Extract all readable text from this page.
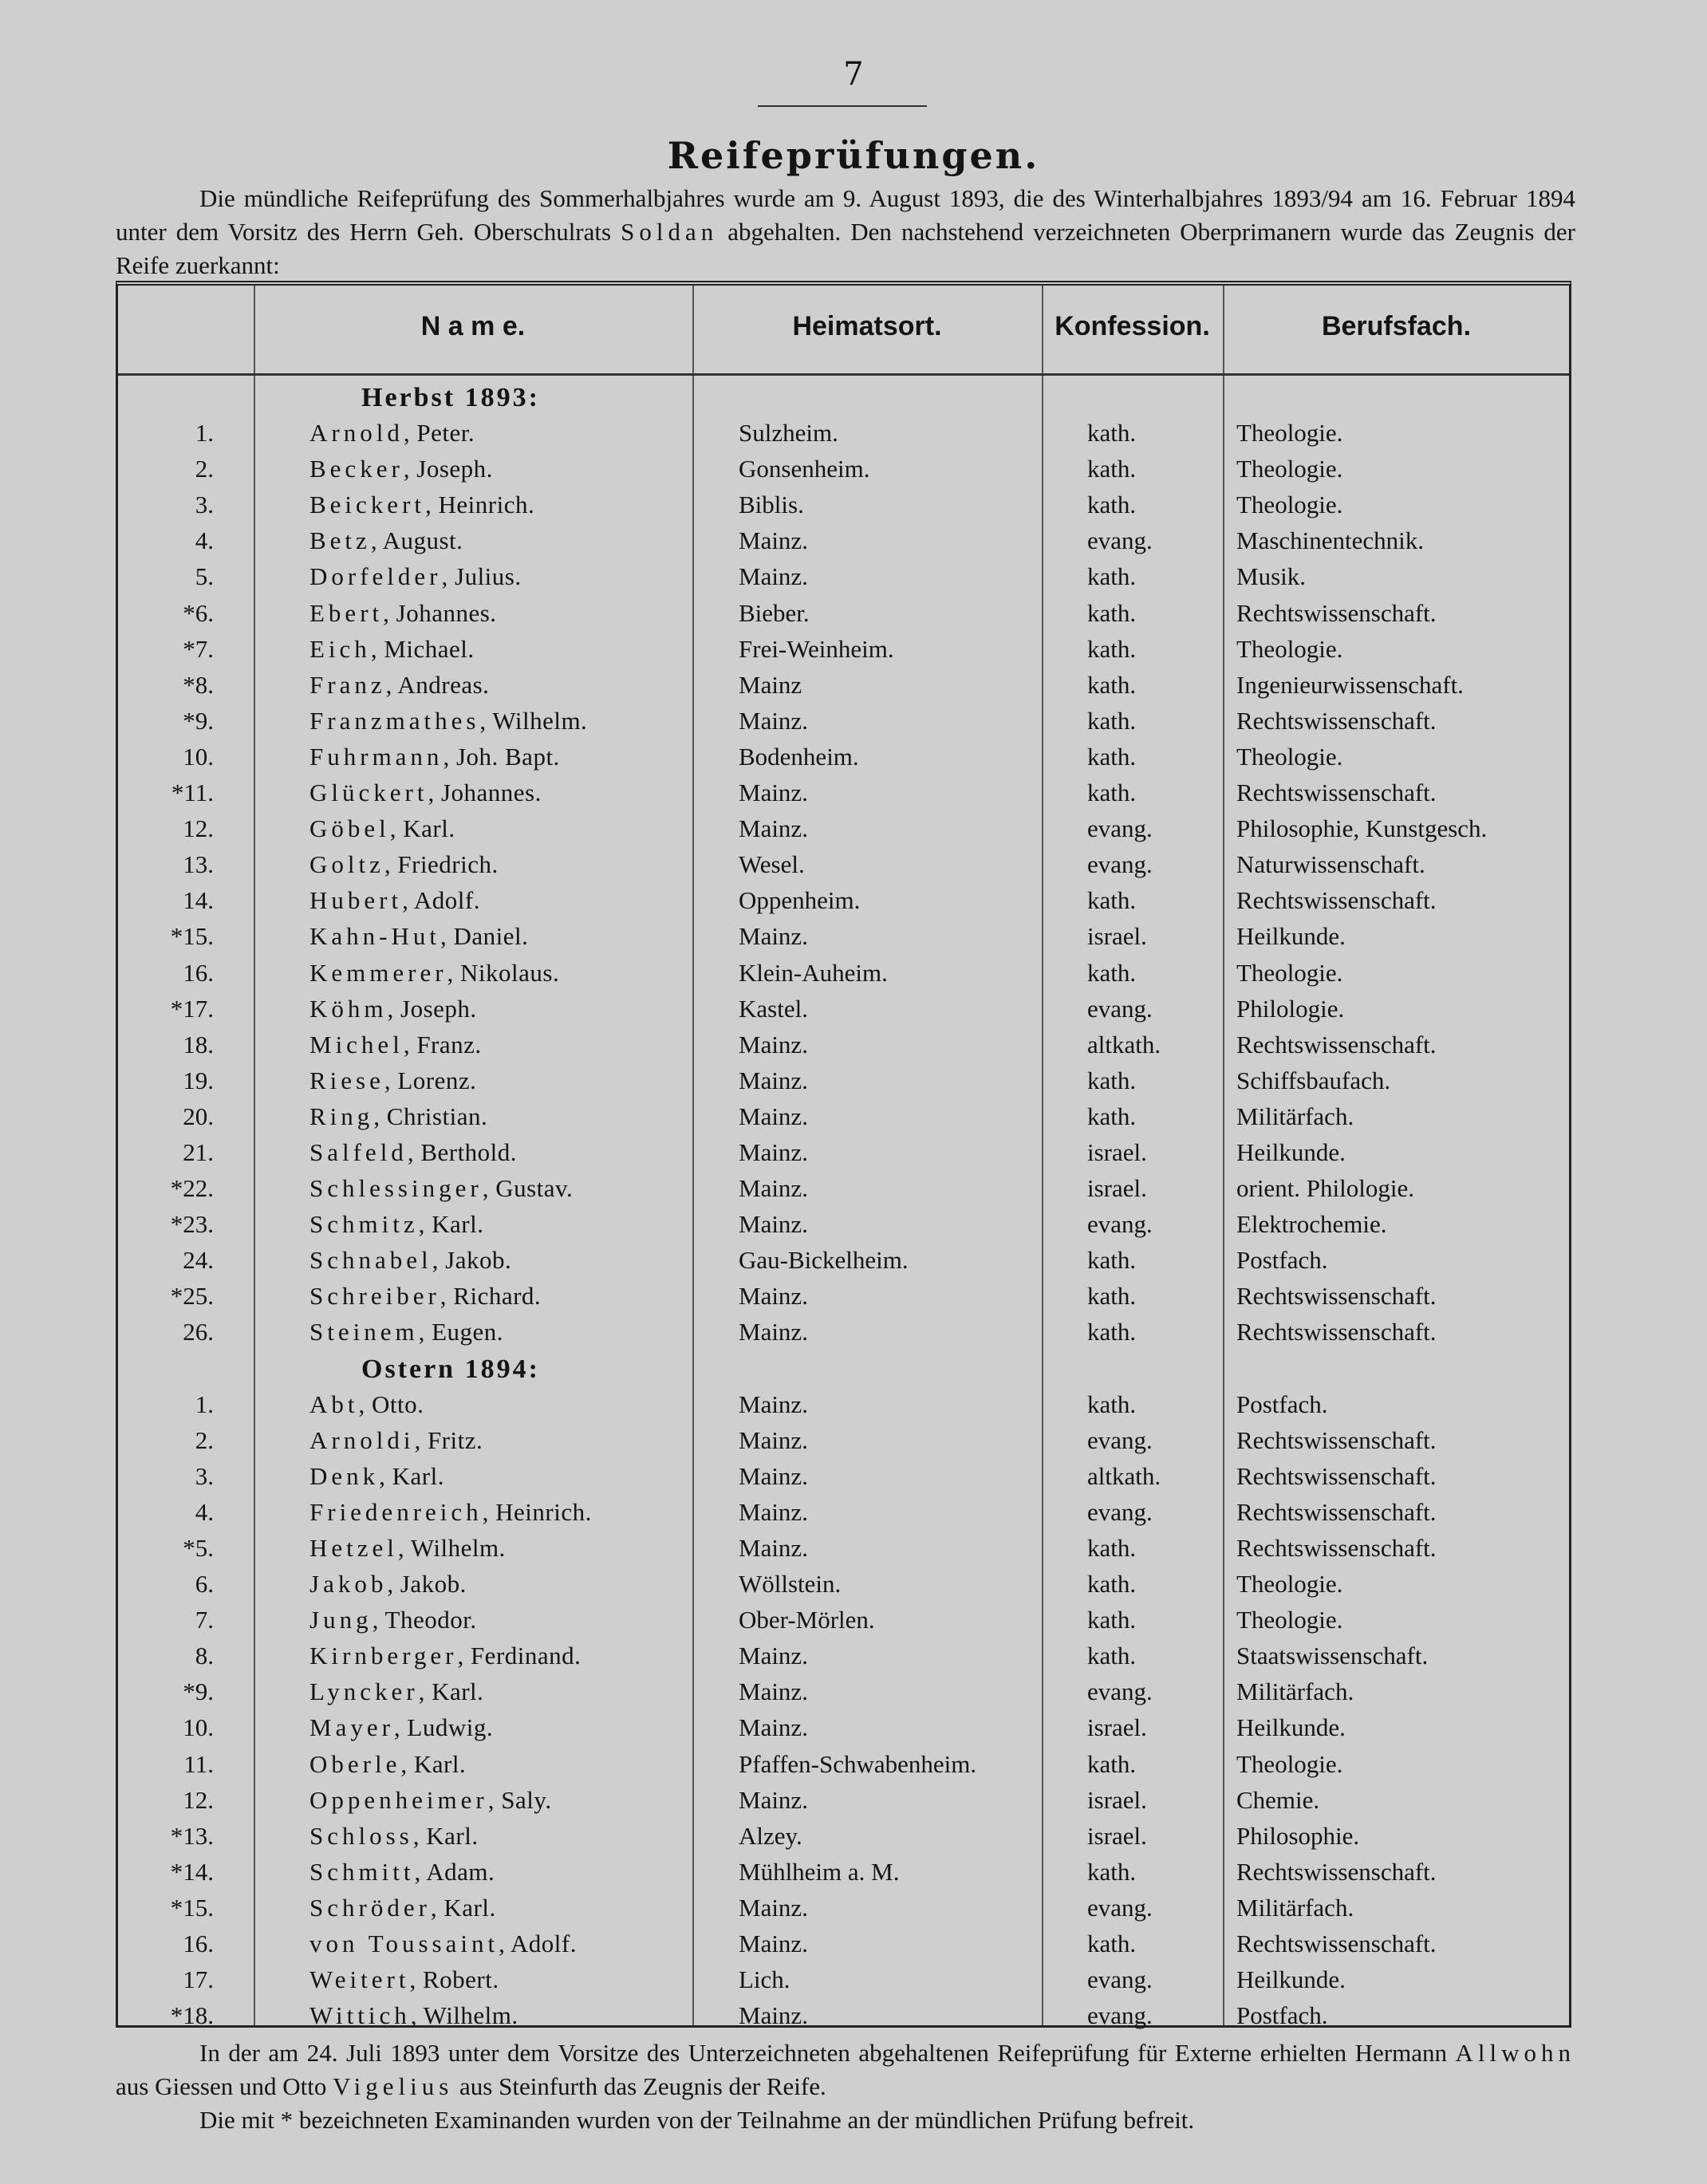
7
Reifeprüfungen.

Die mündliche Reifeprüfung des Sommerhalbjahres wurde am 9. August 1893, die des Winterhalbjahres 1893/94 am 16. Februar 1894 unter dem Vorsitz des Herrn Geh. Oberschulrats Soldan abgehalten. Den nachstehend verzeichneten Oberprimanern wurde das Zeugnis der Reife zuerkannt:

N a m e.	Heimatsort.	Konfession.	Berufsfach.
Herbst 1893:
1.	Arnold, Peter.	Sulzheim.	kath.	Theologie.
2.	Becker, Joseph.	Gonsenheim.	kath.	Theologie.
3.	Beickert, Heinrich.	Biblis.	kath.	Theologie.
4.	Betz, August.	Mainz.	evang.	Maschinentechnik.
5.	Dorfelder, Julius.	Mainz.	kath.	Musik.
*6.	Ebert, Johannes.	Bieber.	kath.	Rechtswissenschaft.
*7.	Eich, Michael.	Frei-Weinheim.	kath.	Theologie.
*8.	Franz, Andreas.	Mainz	kath.	Ingenieurwissenschaft.
*9.	Franzmathes, Wilhelm.	Mainz.	kath.	Rechtswissenschaft.
10.	Fuhrmann, Joh. Bapt.	Bodenheim.	kath.	Theologie.
*11.	Glückert, Johannes.	Mainz.	kath.	Rechtswissenschaft.
12.	Göbel, Karl.	Mainz.	evang.	Philosophie, Kunstgesch.
13.	Goltz, Friedrich.	Wesel.	evang.	Naturwissenschaft.
14.	Hubert, Adolf.	Oppenheim.	kath.	Rechtswissenschaft.
*15.	Kahn-Hut, Daniel.	Mainz.	israel.	Heilkunde.
16.	Kemmerer, Nikolaus.	Klein-Auheim.	kath.	Theologie.
*17.	Köhm, Joseph.	Kastel.	evang.	Philologie.
18.	Michel, Franz.	Mainz.	altkath.	Rechtswissenschaft.
19.	Riese, Lorenz.	Mainz.	kath.	Schiffsbaufach.
20.	Ring, Christian.	Mainz.	kath.	Militärfach.
21.	Salfeld, Berthold.	Mainz.	israel.	Heilkunde.
*22.	Schlessinger, Gustav.	Mainz.	israel.	orient. Philologie.
*23.	Schmitz, Karl.	Mainz.	evang.	Elektrochemie.
24.	Schnabel, Jakob.	Gau-Bickelheim.	kath.	Postfach.
*25.	Schreiber, Richard.	Mainz.	kath.	Rechtswissenschaft.
26.	Steinem, Eugen.	Mainz.	kath.	Rechtswissenschaft.
Ostern 1894:
1.	Abt, Otto.	Mainz.	kath.	Postfach.
2.	Arnoldi, Fritz.	Mainz.	evang.	Rechtswissenschaft.
3.	Denk, Karl.	Mainz.	altkath.	Rechtswissenschaft.
4.	Friedenreich, Heinrich.	Mainz.	evang.	Rechtswissenschaft.
*5.	Hetzel, Wilhelm.	Mainz.	kath.	Rechtswissenschaft.
6.	Jakob, Jakob.	Wöllstein.	kath.	Theologie.
7.	Jung, Theodor.	Ober-Mörlen.	kath.	Theologie.
8.	Kirnberger, Ferdinand.	Mainz.	kath.	Staatswissenschaft.
*9.	Lyncker, Karl.	Mainz.	evang.	Militärfach.
10.	Mayer, Ludwig.	Mainz.	israel.	Heilkunde.
11.	Oberle, Karl.	Pfaffen-Schwabenheim.	kath.	Theologie.
12.	Oppenheimer, Saly.	Mainz.	israel.	Chemie.
*13.	Schloss, Karl.	Alzey.	israel.	Philosophie.
*14.	Schmitt, Adam.	Mühlheim a. M.	kath.	Rechtswissenschaft.
*15.	Schröder, Karl.	Mainz.	evang.	Militärfach.
16.	von Toussaint, Adolf.	Mainz.	kath.	Rechtswissenschaft.
17.	Weitert, Robert.	Lich.	evang.	Heilkunde.
*18.	Wittich, Wilhelm.	Mainz.	evang.	Postfach.

In der am 24. Juli 1893 unter dem Vorsitze des Unterzeichneten abgehaltenen Reifeprüfung für Externe erhielten Hermann Allwohn aus Giessen und Otto Vigelius aus Steinfurth das Zeugnis der Reife.

Die mit * bezeichneten Examinanden wurden von der Teilnahme an der mündlichen Prüfung befreit.
